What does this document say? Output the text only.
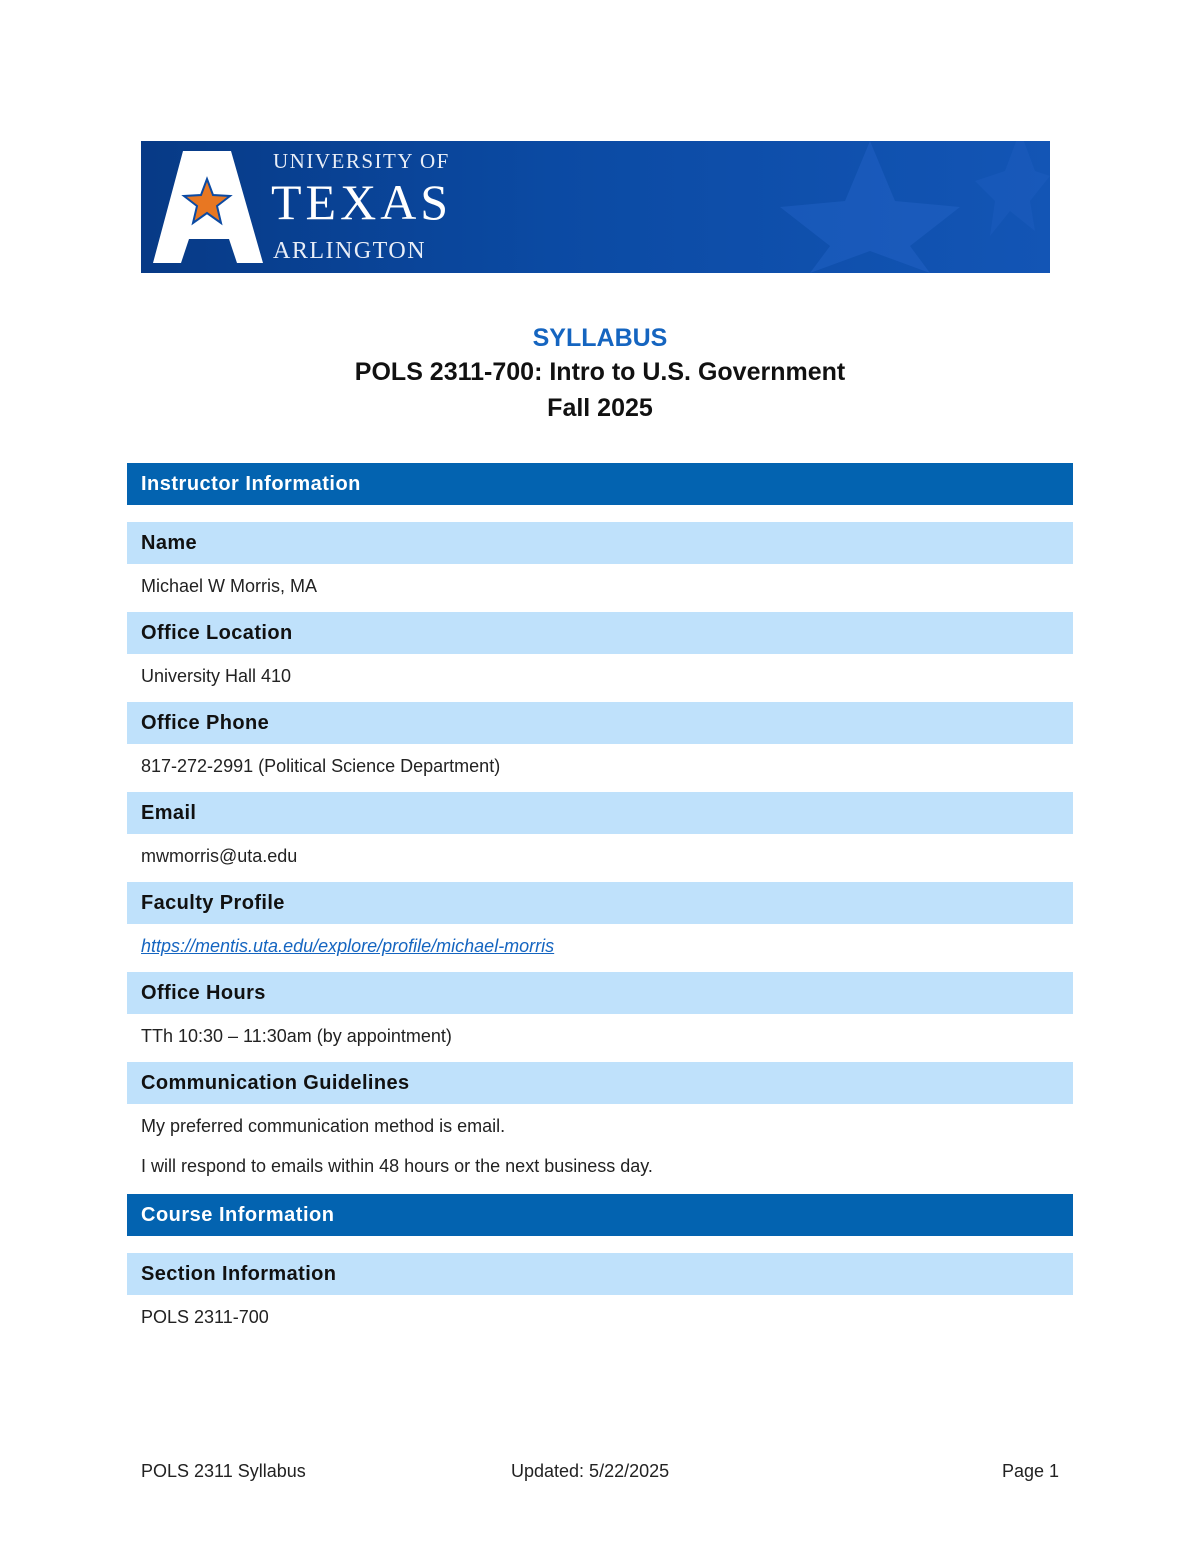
UNIVERSITY OF
TEXAS
ARLINGTON
SYLLABUS
POLS 2311-700: Intro to U.S. Government
Fall 2025
Instructor Information
Name
Michael W Morris, MA
Office Location
University Hall 410
Office Phone
817-272-2991 (Political Science Department)
Email
mwmorris@uta.edu
Faculty Profile
https://mentis.uta.edu/explore/profile/michael-morris
Office Hours
TTh 10:30 – 11:30am (by appointment)
Communication Guidelines
My preferred communication method is email.
I will respond to emails within 48 hours or the next business day.
Course Information
Section Information
POLS 2311-700
POLS 2311 Syllabus	Updated: 5/22/2025	Page 1
